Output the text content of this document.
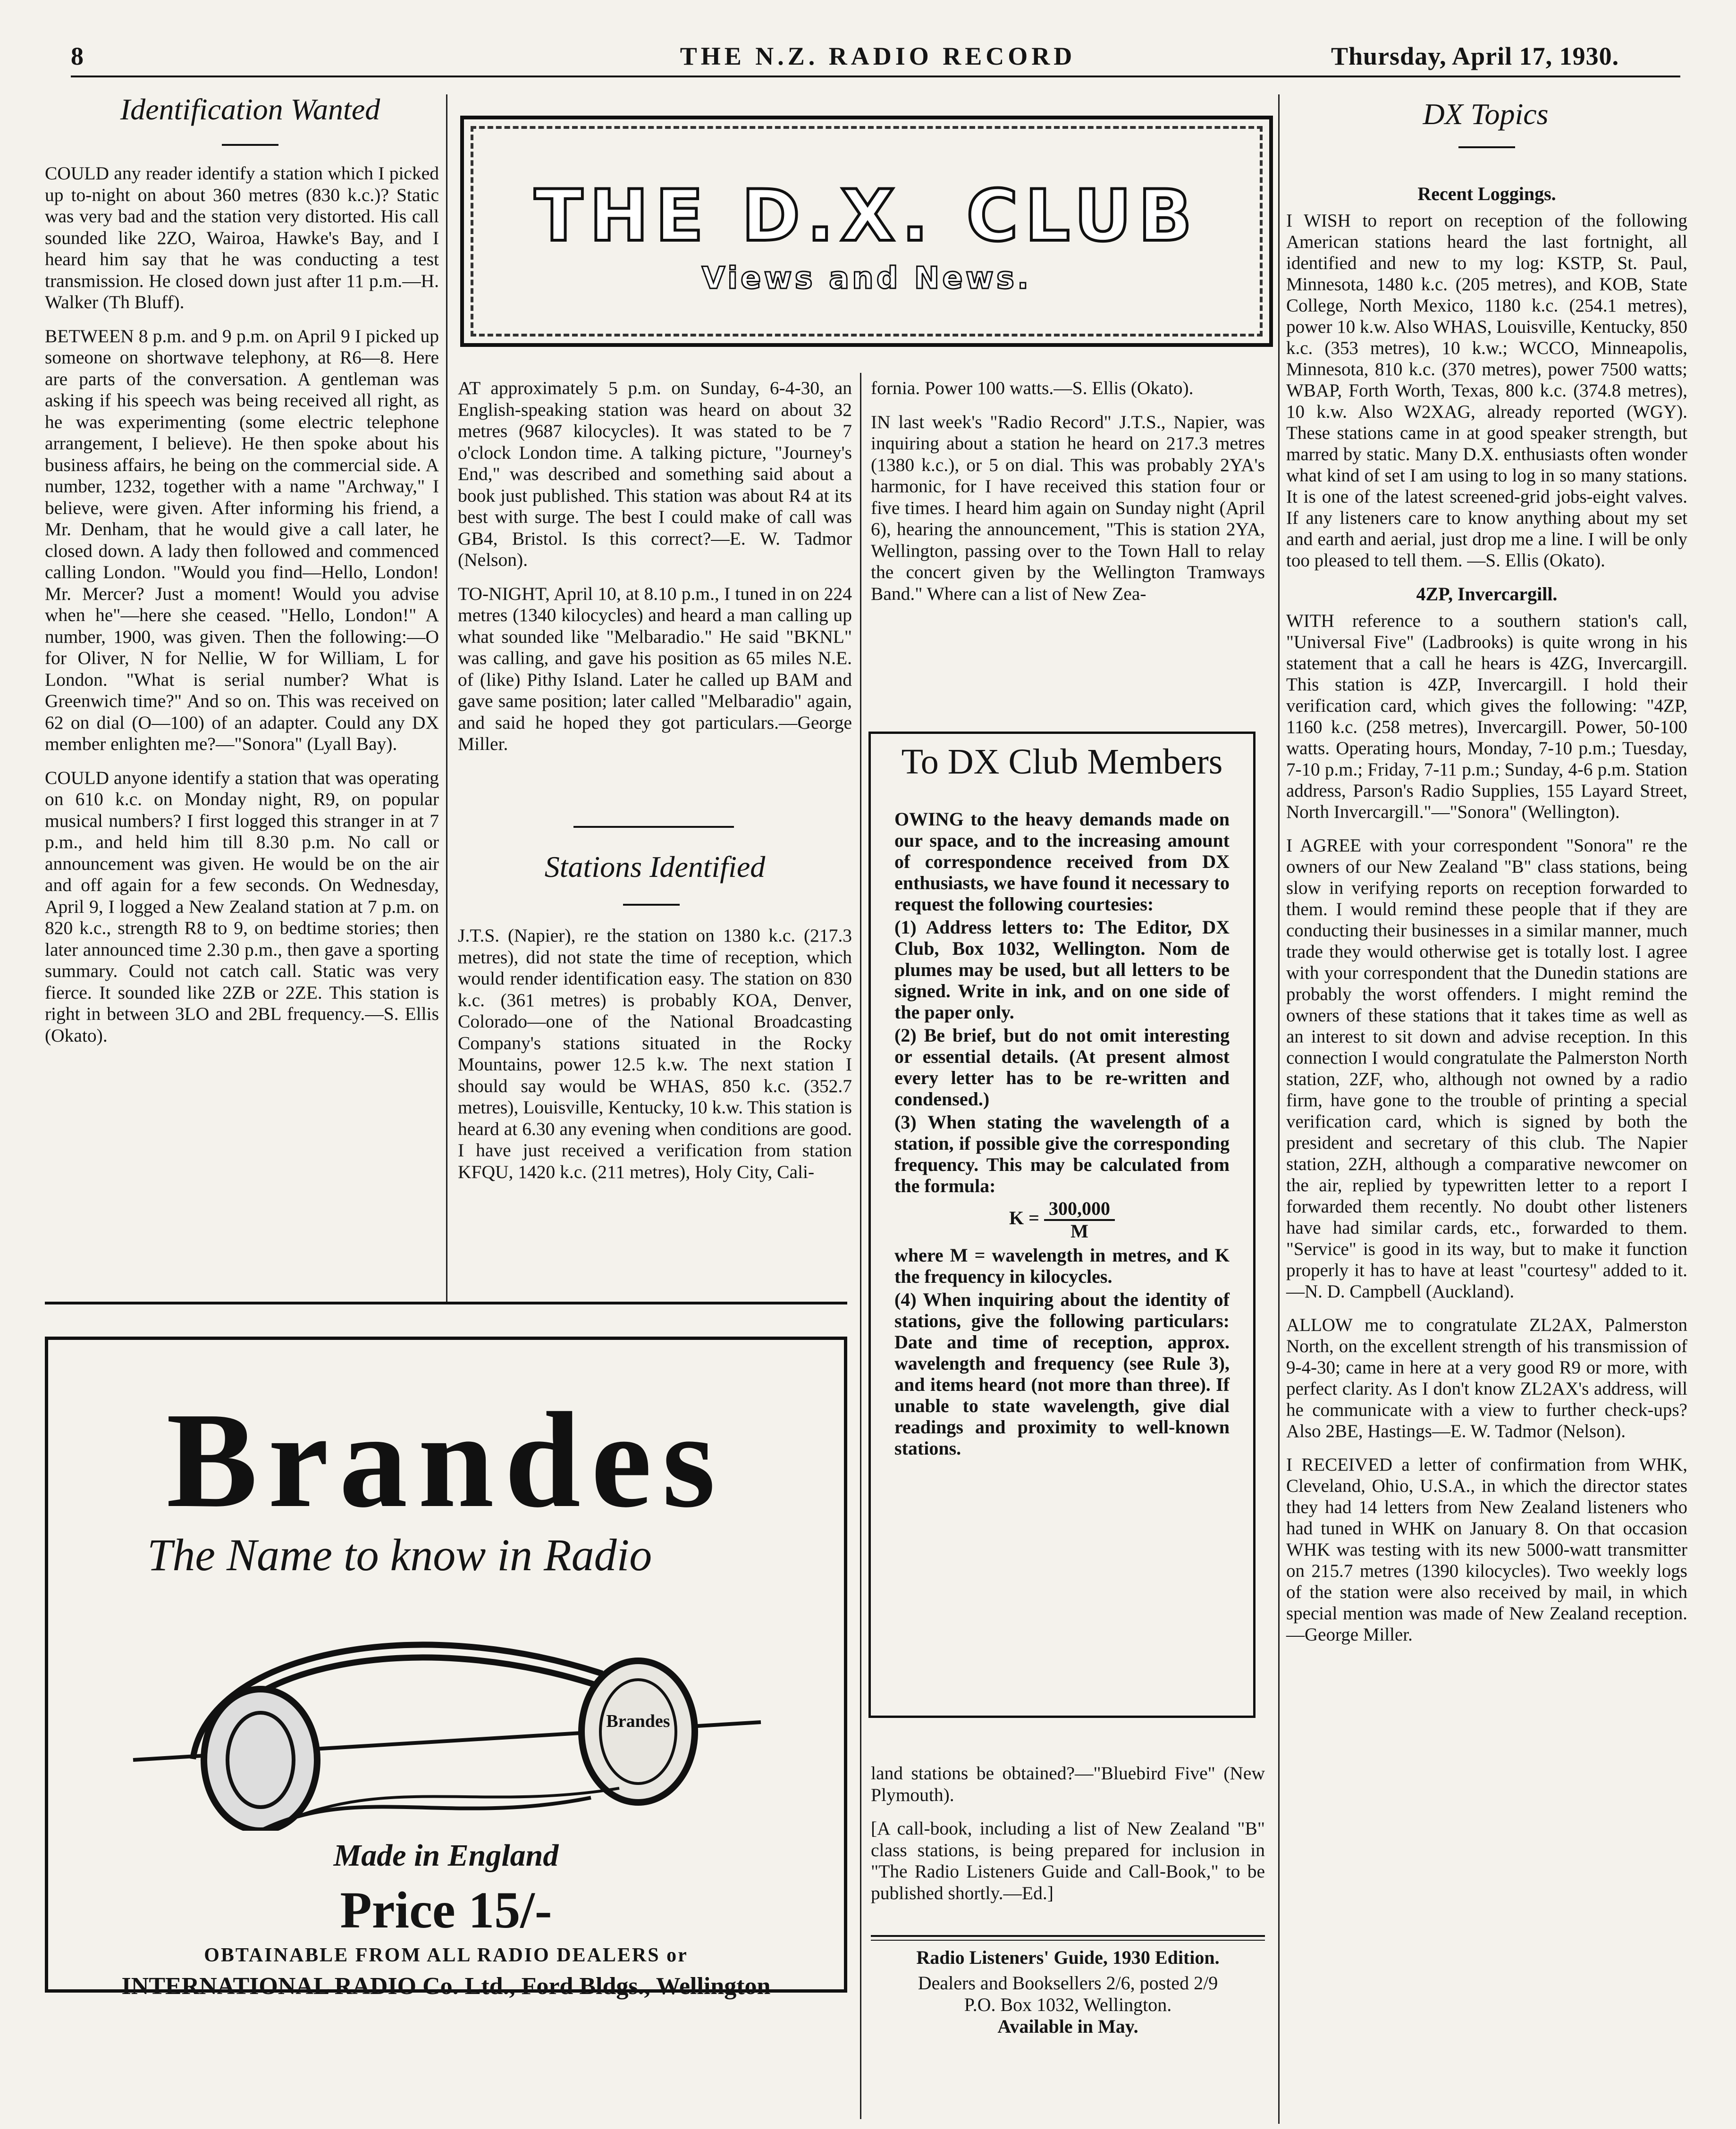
8	THE N.Z. RADIO RECORD	Thursday, April 17, 1930.
Identification Wanted

COULD any reader identify a station which I picked up to-night on about 360 metres (830 k.c.)? Static was very bad and the station very distorted. His call sounded like 2ZO, Wairoa, Hawke's Bay, and I heard him say that he was conducting a test transmission. He closed down just after 11 p.m.—H. Walker (Th Bluff).

BETWEEN 8 p.m. and 9 p.m. on April 9 I picked up someone on shortwave telephony, at R6—8. Here are parts of the conversation. A gentleman was asking if his speech was being received all right, as he was experimenting (some electric telephone arrangement, I believe). He then spoke about his business affairs, he being on the commercial side. A number, 1232, together with a name "Archway," I believe, were given. After informing his friend, a Mr. Denham, that he would give a call later, he closed down. A lady then followed and commenced calling London. "Would you find—Hello, London! Mr. Mercer? Just a moment! Would you advise when he"—here she ceased. "Hello, London!" A number, 1900, was given. Then the following:—O for Oliver, N for Nellie, W for William, L for London. "What is serial number? What is Greenwich time?" And so on. This was received on 62 on dial (O—100) of an adapter. Could any DX member enlighten me?—"Sonora" (Lyall Bay).

COULD anyone identify a station that was operating on 610 k.c. on Monday night, R9, on popular musical numbers? I first logged this stranger in at 7 p.m., and held him till 8.30 p.m. No call or announcement was given. He would be on the air and off again for a few seconds. On Wednesday, April 9, I logged a New Zealand station at 7 p.m. on 820 k.c., strength R8 to 9, on bedtime stories; then later announced time 2.30 p.m., then gave a sporting summary. Could not catch call. Static was very fierce. It sounded like 2ZB or 2ZE. This station is right in between 3LO and 2BL frequency.—S. Ellis (Okato).

THE D.X. CLUB
Views and News.

AT approximately 5 p.m. on Sunday, 6-4-30, an English-speaking station was heard on about 32 metres (9687 kilocycles). It was stated to be 7 o'clock London time. A talking picture, "Journey's End," was described and something said about a book just published. This station was about R4 at its best with surge. The best I could make of call was GB4, Bristol. Is this correct?—E. W. Tadmor (Nelson).

TO-NIGHT, April 10, at 8.10 p.m., I tuned in on 224 metres (1340 kilocycles) and heard a man calling up what sounded like "Melbaradio." He said "BKNL" was calling, and gave his position as 65 miles N.E. of (like) Pithy Island. Later he called up BAM and gave same position; later called "Melbaradio" again, and said he hoped they got particulars.—George Miller.

Stations Identified

J.T.S. (Napier), re the station on 1380 k.c. (217.3 metres), did not state the time of reception, which would render identification easy. The station on 830 k.c. (361 metres) is probably KOA, Denver, Colorado—one of the National Broadcasting Company's stations situated in the Rocky Mountains, power 12.5 k.w. The next station I should say would be WHAS, 850 k.c. (352.7 metres), Louisville, Kentucky, 10 k.w. This station is heard at 6.30 any evening when conditions are good. I have just received a verification from station KFQU, 1420 k.c. (211 metres), Holy City, Cali-

fornia. Power 100 watts.—S. Ellis (Okato).

IN last week's "Radio Record" J.T.S., Napier, was inquiring about a station he heard on 217.3 metres (1380 k.c.), or 5 on dial. This was probably 2YA's harmonic, for I have received this station four or five times. I heard him again on Sunday night (April 6), hearing the announcement, "This is station 2YA, Wellington, passing over to the Town Hall to relay the concert given by the Wellington Tramways Band." Where can a list of New Zea-

To DX Club Members

OWING to the heavy demands made on our space, and to the increasing amount of correspondence received from DX enthusiasts, we have found it necessary to request the following courtesies:

(1) Address letters to: The Editor, DX Club, Box 1032, Wellington. Nom de plumes may be used, but all letters to be signed. Write in ink, and on one side of the paper only.

(2) Be brief, but do not omit interesting or essential details. (At present almost every letter has to be re-written and condensed.)

(3) When stating the wavelength of a station, if possible give the corresponding frequency. This may be calculated from the formula:

$K = \frac{300,000}{M}$

where M = wavelength in metres, and K the frequency in kilocycles.

(4) When inquiring about the identity of stations, give the following particulars: Date and time of reception, approx. wavelength and frequency (see Rule 3), and items heard (not more than three). If unable to state wavelength, give dial readings and proximity to well-known stations.

land stations be obtained?—"Bluebird Five" (New Plymouth).

[A call-book, including a list of New Zealand "B" class stations, is being prepared for inclusion in "The Radio Listeners Guide and Call-Book," to be published shortly.—Ed.]

Radio Listeners' Guide, 1930 Edition.
Dealers and Booksellers 2/6, posted 2/9
P.O. Box 1032, Wellington.
Available in May.
DX Topics
Recent Loggings.

I WISH to report on reception of the following American stations heard the last fortnight, all identified and new to my log: KSTP, St. Paul, Minnesota, 1480 k.c. (205 metres), and KOB, State College, North Mexico, 1180 k.c. (254.1 metres), power 10 k.w. Also WHAS, Louisville, Kentucky, 850 k.c. (353 metres), 10 k.w.; WCCO, Minneapolis, Minnesota, 810 k.c. (370 metres), power 7500 watts; WBAP, Forth Worth, Texas, 800 k.c. (374.8 metres), 10 k.w. Also W2XAG, already reported (WGY). These stations came in at good speaker strength, but marred by static. Many D.X. enthusiasts often wonder what kind of set I am using to log in so many stations. It is one of the latest screened-grid jobs-eight valves. If any listeners care to know anything about my set and earth and aerial, just drop me a line. I will be only too pleased to tell them. —S. Ellis (Okato).

4ZP, Invercargill.

WITH reference to a southern station's call, "Universal Five" (Ladbrooks) is quite wrong in his statement that a call he hears is 4ZG, Invercargill. This station is 4ZP, Invercargill. I hold their verification card, which gives the following: "4ZP, 1160 k.c. (258 metres), Invercargill. Power, 50-100 watts. Operating hours, Monday, 7-10 p.m.; Tuesday, 7-10 p.m.; Friday, 7-11 p.m.; Sunday, 4-6 p.m. Station address, Parson's Radio Supplies, 155 Layard Street, North Invercargill."—"Sonora" (Wellington).

I AGREE with your correspondent "Sonora" re the owners of our New Zealand "B" class stations, being slow in verifying reports on reception forwarded to them. I would remind these people that if they are conducting their businesses in a similar manner, much trade they would otherwise get is totally lost. I agree with your correspondent that the Dunedin stations are probably the worst offenders. I might remind the owners of these stations that it takes time as well as an interest to sit down and advise reception. In this connection I would congratulate the Palmerston North station, 2ZF, who, although not owned by a radio firm, have gone to the trouble of printing a special verification card, which is signed by both the president and secretary of this club. The Napier station, 2ZH, although a comparative newcomer on the air, replied by typewritten letter to a report I forwarded them recently. No doubt other listeners have had similar cards, etc., forwarded to them. "Service" is good in its way, but to make it function properly it has to have at least "courtesy" added to it.—N. D. Campbell (Auckland).

ALLOW me to congratulate ZL2AX, Palmerston North, on the excellent strength of his transmission of 9-4-30; came in here at a very good R9 or more, with perfect clarity. As I don't know ZL2AX's address, will he communicate with a view to further check-ups? Also 2BE, Hastings—E. W. Tadmor (Nelson).

I RECEIVED a letter of confirmation from WHK, Cleveland, Ohio, U.S.A., in which the director states they had 14 letters from New Zealand listeners who had tuned in WHK on January 8. On that occasion WHK was testing with its new 5000-watt transmitter on 215.7 metres (1390 kilocycles). Two weekly logs of the station were also received by mail, in which special mention was made of New Zealand reception.—George Miller.

Brandes
The Name to know in Radio
Brandes
Made in England
Price 15/-
OBTAINABLE FROM ALL RADIO DEALERS or
INTERNATIONAL RADIO Co. Ltd., Ford Bldgs., Wellington
